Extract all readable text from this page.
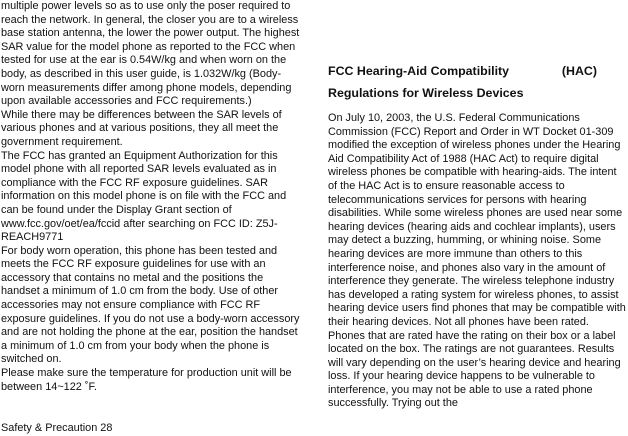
multiple power levels so as to use only the poser required to reach the network. In general, the closer you are to a wireless base station antenna, the lower the power output. The highest SAR value for the model phone as reported to the FCC when tested for use at the ear is 0.54W/kg and when worn on the body, as described in this user guide, is 1.032W/kg (Body-worn measurements differ among phone models, depending upon available accessories and FCC requirements.)

While there may be differences between the SAR levels of various phones and at various positions, they all meet the government requirement.

The FCC has granted an Equipment Authorization for this model phone with all reported SAR levels evaluated as in compliance with the FCC RF exposure guidelines. SAR information on this model phone is on file with the FCC and can be found under the Display Grant section of www.fcc.gov/oet/ea/fccid after searching on FCC ID: Z5J-REACH9771

For body worn operation, this phone has been tested and meets the FCC RF exposure guidelines for use with an accessory that contains no metal and the positions the handset a minimum of 1.0 cm from the body. Use of other accessories may not ensure compliance with FCC RF exposure guidelines. If you do not use a body-worn accessory and are not holding the phone at the ear, position the handset a minimum of 1.0 cm from your body when the phone is switched on.

Please make sure the temperature for production unit will be between 14~122 ˚F.

FCC Hearing-Aid Compatibility	(HAC)

Regulations for Wireless Devices

On July 10, 2003, the U.S. Federal Communications Commission (FCC) Report and Order in WT Docket 01-309 modified the exception of wireless phones under the Hearing Aid Compatibility Act of 1988 (HAC Act) to require digital wireless phones be compatible with hearing-aids. The intent of the HAC Act is to ensure reasonable access to telecommunications services for persons with hearing disabilities. While some wireless phones are used near some hearing devices (hearing aids and cochlear implants), users may detect a buzzing, humming, or whining noise. Some hearing devices are more immune than others to this interference noise, and phones also vary in the amount of interference they generate. The wireless telephone industry has developed a rating system for wireless phones, to assist hearing device users find phones that may be compatible with their hearing devices. Not all phones have been rated. Phones that are rated have the rating on their box or a label located on the box. The ratings are not guarantees. Results will vary depending on the user’s hearing device and hearing loss. If your hearing device happens to be vulnerable to interference, you may not be able to use a rated phone successfully. Trying out the

Safety & Precaution 28
